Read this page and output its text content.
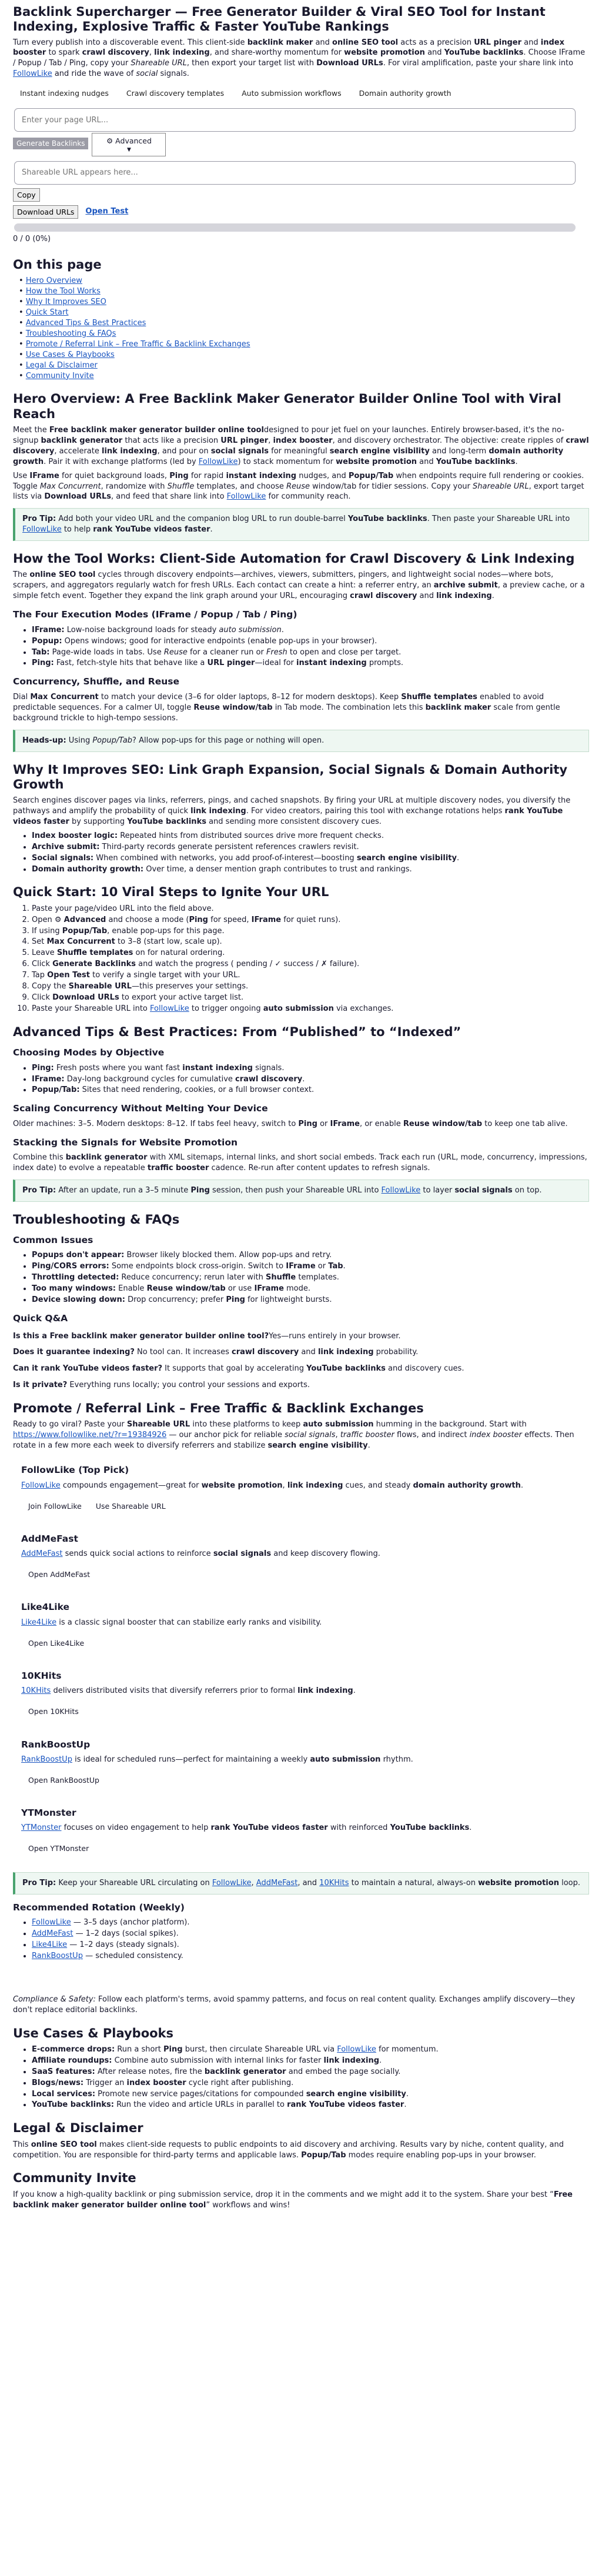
Backlink Supercharger — Free Generator Builder & Viral SEO Tool for Instant Indexing, Explosive Traffic & Faster YouTube Rankings

Turn every publish into a discoverable event. This client-side backlink maker and online SEO tool acts as a precision URL pinger and index booster to spark crawl discovery, link indexing, and share-worthy momentum for website promotion and YouTube backlinks. Choose IFrame / Popup / Tab / Ping, copy your Shareable URL, then export your target list with Download URLs. For viral amplification, paste your share link into FollowLike and ride the wave of social signals.

Instant indexing nudges	Crawl discovery templates	Auto submission workflows	Domain authority growth
Enter your page URL...
Generate Backlinks	⚙ Advanced
▼
Shareable URL appears here...
Copy
Download URLs	Open Test
0 / 0 (0%)
On this page
• Hero Overview
• How the Tool Works
• Why It Improves SEO
• Quick Start
• Advanced Tips & Best Practices
• Troubleshooting & FAQs
• Promote / Referral Link – Free Traffic & Backlink Exchanges
• Use Cases & Playbooks
• Legal & Disclaimer
• Community Invite
Hero Overview: A Free Backlink Maker Generator Builder Online Tool with Viral Reach

Meet the Free backlink maker generator builder online tooldesigned to pour jet fuel on your launches. Entirely browser-based, it's the no-signup backlink generator that acts like a precision URL pinger, index booster, and discovery orchestrator. The objective: create ripples of crawl discovery, accelerate link indexing, and pour on social signals for meaningful search engine visibility and long-term domain authority growth. Pair it with exchange platforms (led by FollowLike) to stack momentum for website promotion and YouTube backlinks.

Use IFrame for quiet background loads, Ping for rapid instant indexing nudges, and Popup/Tab when endpoints require full rendering or cookies. Toggle Max Concurrent, randomize with Shuffle templates, and choose Reuse window/tab for tidier sessions. Copy your Shareable URL, export target lists via Download URLs, and feed that share link into FollowLike for community reach.

Pro Tip: Add both your video URL and the companion blog URL to run double-barrel YouTube backlinks. Then paste your Shareable URL into FollowLike to help rank YouTube videos faster.
How the Tool Works: Client-Side Automation for Crawl Discovery & Link Indexing

The online SEO tool cycles through discovery endpoints—archives, viewers, submitters, pingers, and lightweight social nodes—where bots, scrapers, and aggregators regularly watch for fresh URLs. Each contact can create a hint: a referrer entry, an archive submit, a preview cache, or a simple fetch event. Together they expand the link graph around your URL, encouraging crawl discovery and link indexing.

The Four Execution Modes (IFrame / Popup / Tab / Ping)
• IFrame: Low-noise background loads for steady auto submission.
• Popup: Opens windows; good for interactive endpoints (enable pop-ups in your browser).
• Tab: Page-wide loads in tabs. Use Reuse for a cleaner run or Fresh to open and close per target.
• Ping: Fast, fetch-style hits that behave like a URL pinger—ideal for instant indexing prompts.
Concurrency, Shuffle, and Reuse

Dial Max Concurrent to match your device (3–6 for older laptops, 8–12 for modern desktops). Keep Shuffle templates enabled to avoid predictable sequences. For a calmer UI, toggle Reuse window/tab in Tab mode. The combination lets this backlink maker scale from gentle background trickle to high-tempo sessions.

Heads-up: Using Popup/Tab? Allow pop-ups for this page or nothing will open.
Why It Improves SEO: Link Graph Expansion, Social Signals & Domain Authority Growth

Search engines discover pages via links, referrers, pings, and cached snapshots. By firing your URL at multiple discovery nodes, you diversify the pathways and amplify the probability of quick link indexing. For video creators, pairing this tool with exchange rotations helps rank YouTube videos faster by supporting YouTube backlinks and sending more consistent discovery cues.

• Index booster logic: Repeated hints from distributed sources drive more frequent checks.
• Archive submit: Third-party records generate persistent references crawlers revisit.
• Social signals: When combined with networks, you add proof-of-interest—boosting search engine visibility.
• Domain authority growth: Over time, a denser mention graph contributes to trust and rankings.
Quick Start: 10 Viral Steps to Ignite Your URL
1. Paste your page/video URL into the field above.
2. Open ⚙ Advanced and choose a mode (Ping for speed, IFrame for quiet runs).
3. If using Popup/Tab, enable pop-ups for this page.
4. Set Max Concurrent to 3–8 (start low, scale up).
5. Leave Shuffle templates on for natural ordering.
6. Click Generate Backlinks and watch the progress ( pending / ✓ success / ✗ failure).
7. Tap Open Test to verify a single target with your URL.
8. Copy the Shareable URL—this preserves your settings.
9. Click Download URLs to export your active target list.
10. Paste your Shareable URL into FollowLike to trigger ongoing auto submission via exchanges.
Advanced Tips & Best Practices: From “Published” to “Indexed”
Choosing Modes by Objective
• Ping: Fresh posts where you want fast instant indexing signals.
• IFrame: Day-long background cycles for cumulative crawl discovery.
• Popup/Tab: Sites that need rendering, cookies, or a full browser context.
Scaling Concurrency Without Melting Your Device

Older machines: 3–5. Modern desktops: 8–12. If tabs feel heavy, switch to Ping or IFrame, or enable Reuse window/tab to keep one tab alive.

Stacking the Signals for Website Promotion

Combine this backlink generator with XML sitemaps, internal links, and short social embeds. Track each run (URL, mode, concurrency, impressions, index date) to evolve a repeatable traffic booster cadence. Re-run after content updates to refresh signals.

Pro Tip: After an update, run a 3–5 minute Ping session, then push your Shareable URL into FollowLike to layer social signals on top.
Troubleshooting & FAQs
Common Issues
• Popups don't appear: Browser likely blocked them. Allow pop-ups and retry.
• Ping/CORS errors: Some endpoints block cross-origin. Switch to IFrame or Tab.
• Throttling detected: Reduce concurrency; rerun later with Shuffle templates.
• Too many windows: Enable Reuse window/tab or use IFrame mode.
• Device slowing down: Drop concurrency; prefer Ping for lightweight bursts.
Quick Q&A

Is this a Free backlink maker generator builder online tool?Yes—runs entirely in your browser.

Does it guarantee indexing? No tool can. It increases crawl discovery and link indexing probability.

Can it rank YouTube videos faster? It supports that goal by accelerating YouTube backlinks and discovery cues.

Is it private? Everything runs locally; you control your sessions and exports.

Promote / Referral Link – Free Traffic & Backlink Exchanges

Ready to go viral? Paste your Shareable URL into these platforms to keep auto submission humming in the background. Start with https://www.followlike.net/?r=19384926 — our anchor pick for reliable social signals, traffic booster flows, and indirect index booster effects. Then rotate in a few more each week to diversify referrers and stabilize search engine visibility.

FollowLike (Top Pick)

FollowLike compounds engagement—great for website promotion, link indexing cues, and steady domain authority growth.

Join FollowLike Use Shareable URL
AddMeFast

AddMeFast sends quick social actions to reinforce social signals and keep discovery flowing.

Open AddMeFast
Like4Like

Like4Like is a classic signal booster that can stabilize early ranks and visibility.

Open Like4Like
10KHits

10KHits delivers distributed visits that diversify referrers prior to formal link indexing.

Open 10KHits
RankBoostUp

RankBoostUp is ideal for scheduled runs—perfect for maintaining a weekly auto submission rhythm.

Open RankBoostUp
YTMonster

YTMonster focuses on video engagement to help rank YouTube videos faster with reinforced YouTube backlinks.

Open YTMonster
Pro Tip: Keep your Shareable URL circulating on FollowLike, AddMeFast, and 10KHits to maintain a natural, always-on website promotion loop.
Recommended Rotation (Weekly)
• FollowLike — 3–5 days (anchor platform).
• AddMeFast — 1–2 days (social spikes).
• Like4Like — 1–2 days (steady signals).
• RankBoostUp — scheduled consistency.

Compliance & Safety: Follow each platform's terms, avoid spammy patterns, and focus on real content quality. Exchanges amplify discovery—they don't replace editorial backlinks.

Use Cases & Playbooks
• E-commerce drops: Run a short Ping burst, then circulate Shareable URL via FollowLike for momentum.
• Affiliate roundups: Combine auto submission with internal links for faster link indexing.
• SaaS features: After release notes, fire the backlink generator and embed the page socially.
• Blogs/news: Trigger an index booster cycle right after publishing.
• Local services: Promote new service pages/citations for compounded search engine visibility.
• YouTube backlinks: Run the video and article URLs in parallel to rank YouTube videos faster.
Legal & Disclaimer

This online SEO tool makes client-side requests to public endpoints to aid discovery and archiving. Results vary by niche, content quality, and competition. You are responsible for third-party terms and applicable laws. Popup/Tab modes require enabling pop-ups in your browser.

Community Invite

If you know a high-quality backlink or ping submission service, drop it in the comments and we might add it to the system. Share your best “Free backlink maker generator builder online tool” workflows and wins!
